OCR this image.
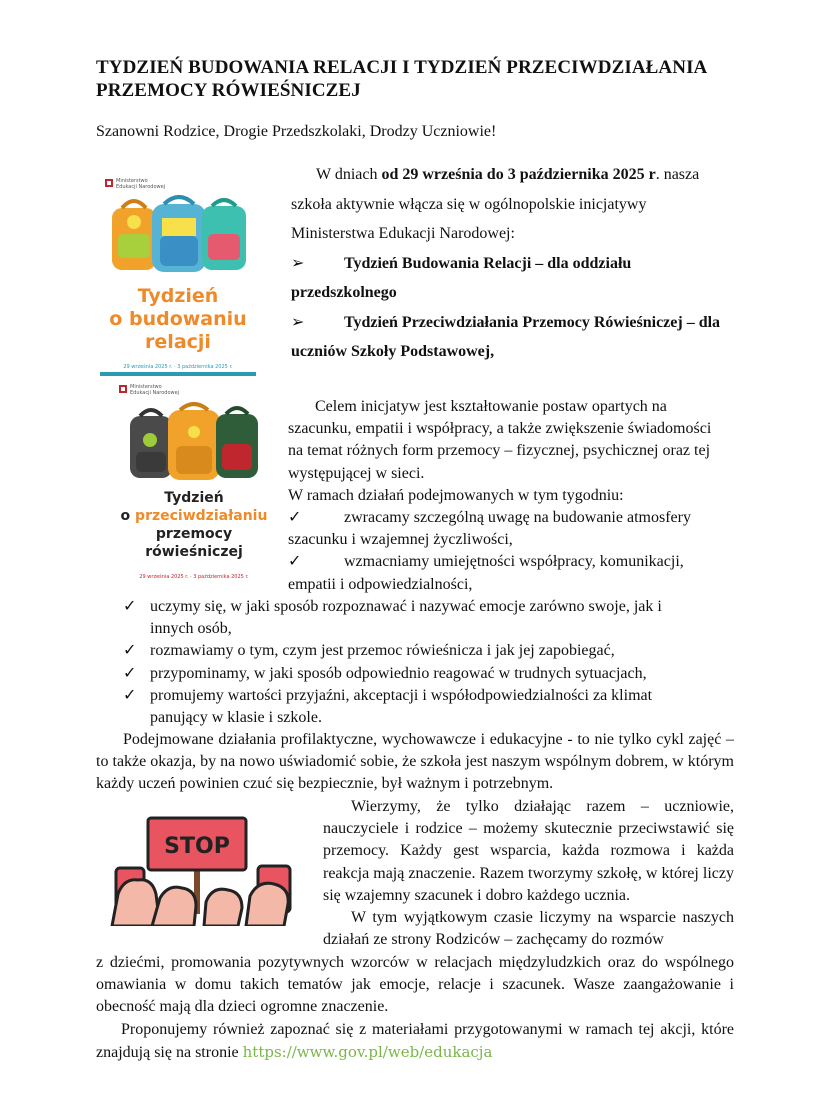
TYDZIEŃ BUDOWANIA RELACJI I TYDZIEŃ PRZECIWDZIAŁANIA PRZEMOCY RÓWIEŚNICZEJ
Szanowni Rodzice, Drogie Przedszkolaki, Drodzy Uczniowie!
Ministerstwo Edukacji Narodowej
Tydzień
o budowaniu
relacji
29 września 2025 r. · 3 października 2025 r.
Ministerstwo Edukacji Narodowej
Tydzień
o przeciwdziałaniu
przemocy
rówieśniczej
29 września 2025 r. · 3 października 2025 r.

W dniach od 29 września do 3 października 2025 r. nasza szkoła aktywnie włącza się w ogólnopolskie inicjatywy Ministerstwa Edukacji Narodowej:

➢	Tydzień Budowania Relacji – dla oddziału przedszkolnego
➢	Tydzień Przeciwdziałania Przemocy Rówieśniczej – dla uczniów Szkoły Podstawowej,

Celem inicjatyw jest kształtowanie postaw opartych na szacunku, empatii i współpracy, a także zwiększenie świadomości na temat różnych form przemocy – fizycznej, psychicznej oraz tej występującej w sieci.

W ramach działań podejmowanych w tym tygodniu:

✓	zwracamy szczególną uwagę na budowanie atmosfery szacunku i wzajemnej życzliwości,
✓	wzmacniamy umiejętności współpracy, komunikacji, empatii i odpowiedzialności,
✓ uczymy się, w jaki sposób rozpoznawać i nazywać emocje zarówno swoje, jak i innych osób,
✓ rozmawiamy o tym, czym jest przemoc rówieśnicza i jak jej zapobiegać,
✓ przypominamy, w jaki sposób odpowiednio reagować w trudnych sytuacjach,
✓ promujemy wartości przyjaźni, akceptacji i współodpowiedzialności za klimat panujący w klasie i szkole.
Podejmowane działania profilaktyczne, wychowawcze i edukacyjne - to nie tylko cykl zajęć – to także okazja, by na nowo uświadomić sobie, że szkoła jest naszym wspólnym dobrem, w którym każdy uczeń powinien czuć się bezpiecznie, był ważnym i potrzebnym.
STOP

Wierzymy, że tylko działając razem – uczniowie, nauczyciele i rodzice – możemy skutecznie przeciwstawić się przemocy. Każdy gest wsparcia, każda rozmowa i każda reakcja mają znaczenie. Razem tworzymy szkołę, w której liczy się wzajemny szacunek i dobro każdego ucznia.

W tym wyjątkowym czasie liczymy na wsparcie naszych działań ze strony Rodziców – zachęcamy do rozmów

z dziećmi, promowania pozytywnych wzorców w relacjach międzyludzkich oraz do wspólnego omawiania w domu takich tematów jak emocje, relacje i szacunek. Wasze zaangażowanie i obecność mają dla dzieci ogromne znaczenie.
Proponujemy również zapoznać się z materiałami przygotowanymi w ramach tej akcji, które znajdują się na stronie https://www.gov.pl/web/edukacja
